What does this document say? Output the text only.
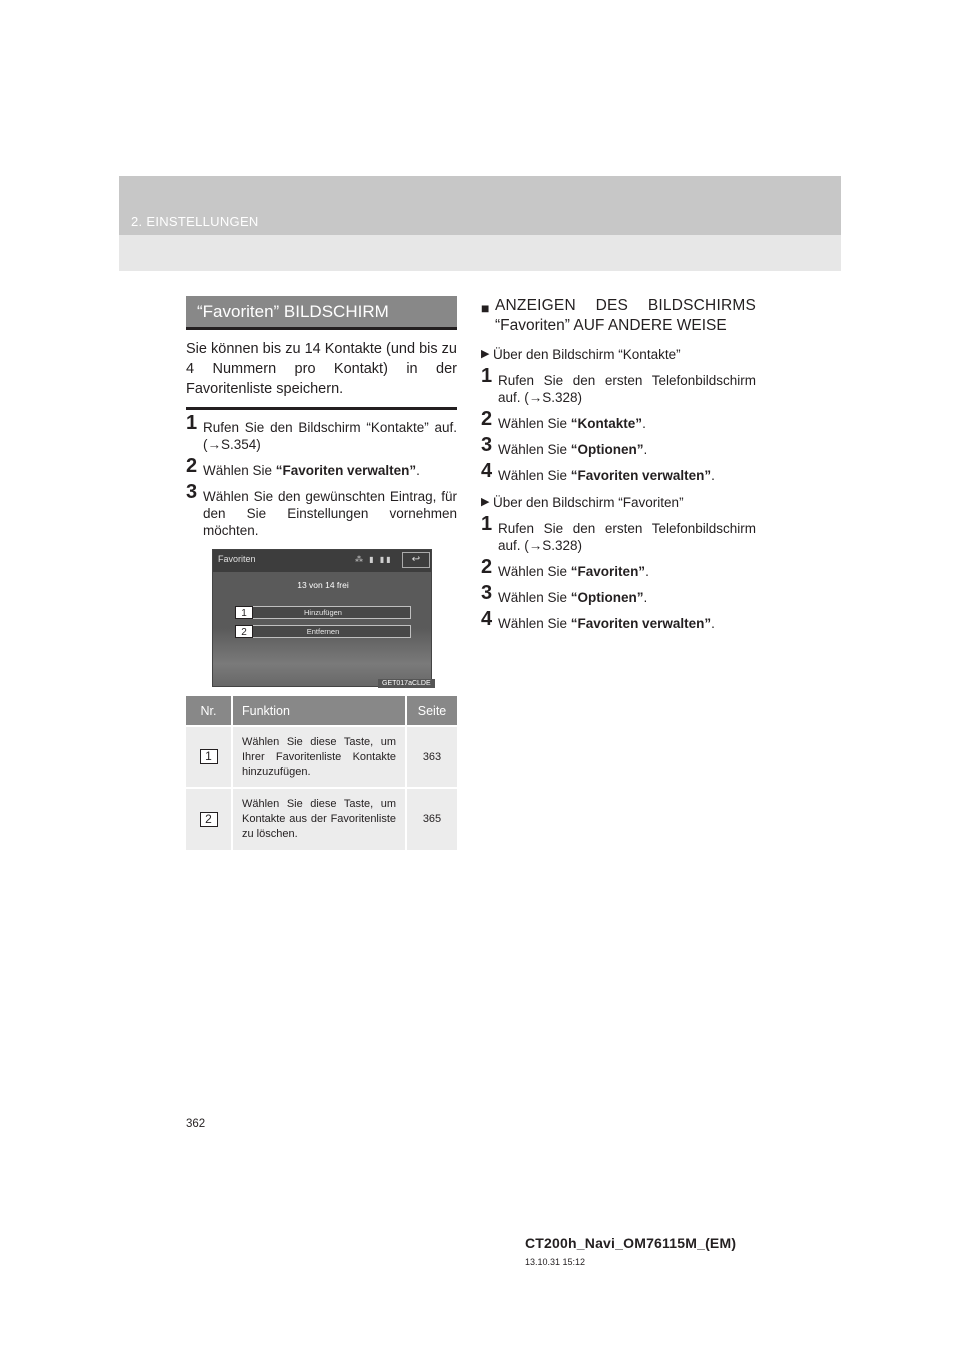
2. EINSTELLUNGEN
“Favoriten” BILDSCHIRM
Sie können bis zu 14 Kontakte (und bis zu 4 Nummern pro Kontakt) in der Favoritenliste speichern.
1 Rufen Sie den Bildschirm “Kontakte” auf. (→S.354)
2 Wählen Sie “Favoriten verwalten”.
3 Wählen Sie den gewünschten Eintrag, für den Sie Einstellungen vornehmen möchten.
Favoriten	⁂ ▮ ▮▮	↩
13 von 14 frei
Hinzufügen
1
Entfernen
2
GET017aCLDE
Nr.	Funktion	Seite
1	Wählen Sie diese Taste, um Ihrer Favoritenliste Kontakte hinzuzufügen.	363
2	Wählen Sie diese Taste, um Kontakte aus der Favoritenliste zu löschen.	365
■ ANZEIGEN DES BILDSCHIRMS
“Favoriten” AUF ANDERE WEISE
▶ Über den Bildschirm “Kontakte”
1 Rufen Sie den ersten Telefonbildschirm auf. (→S.328)
2 Wählen Sie “Kontakte”.
3 Wählen Sie “Optionen”.
4 Wählen Sie “Favoriten verwalten”.
▶ Über den Bildschirm “Favoriten”
1 Rufen Sie den ersten Telefonbildschirm auf. (→S.328)
2 Wählen Sie “Favoriten”.
3 Wählen Sie “Optionen”.
4 Wählen Sie “Favoriten verwalten”.
362
CT200h_Navi_OM76115M_(EM)
13.10.31 15:12
